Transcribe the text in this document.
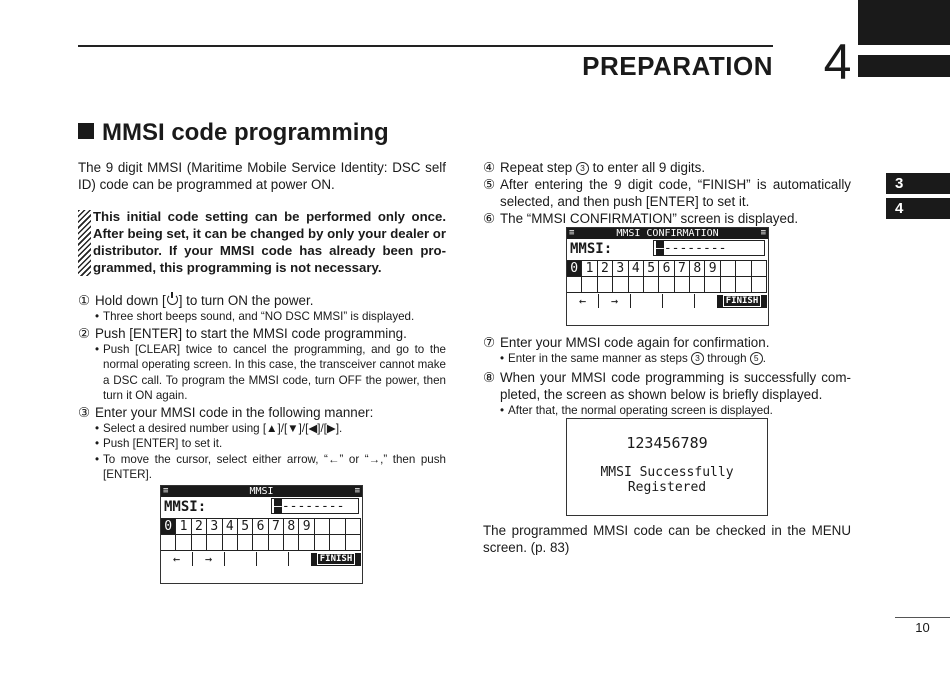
PREPARATION 4
3
4
MMSI code programming
The 9 digit MMSI (Maritime Mobile Service Identity: DSC self ID) code can be programmed at power ON.
This initial code setting can be performed only once. After being set, it can be changed by only your dealer or distributor. If your MMSI code has already been pro-grammed, this programming is not necessary.
① Hold down [ ] to turn ON the power.
• Three short beeps sound, and “NO DSC MMSI” is displayed.
② Push [ENTER] to start the MMSI code programming.
• Push [CLEAR] twice to cancel the programming, and go to the normal operating screen. In this case, the transceiver cannot make a DSC call. To program the MMSI code, turn OFF the power, then turn it ON again.
③ Enter your MMSI code in the following manner:
• Select a desired number using [▲]/[▼]/[◀]/[▶].
• Push [ENTER] to set it.
• To move the cursor, select either arrow, “←” or “→,” then push [ENTER].
≡	MMSI	≡
MMSI:	–--------
0 1 2 3 4 5 6 7 8 9
←	→	FINISH
④ Repeat step 3 to enter all 9 digits.
⑤ After entering the 9 digit code, “FINISH” is automatically selected, and then push [ENTER] to set it.
⑥ The “MMSI CONFIRMATION” screen is displayed.
≡	MMSI CONFIRMATION	≡
MMSI:	–--------
0 1 2 3 4 5 6 7 8 9
←	→	FINISH
⑦ Enter your MMSI code again for confirmation.
• Enter in the same manner as steps 3 through 5 .
⑧ When your MMSI code programming is successfully com-pleted, the screen as shown below is briefly displayed.
• After that, the normal operating screen is displayed.
123456789
MMSI Successfully
Registered
The programmed MMSI code can be checked in the MENU screen. (p. 83)
10
